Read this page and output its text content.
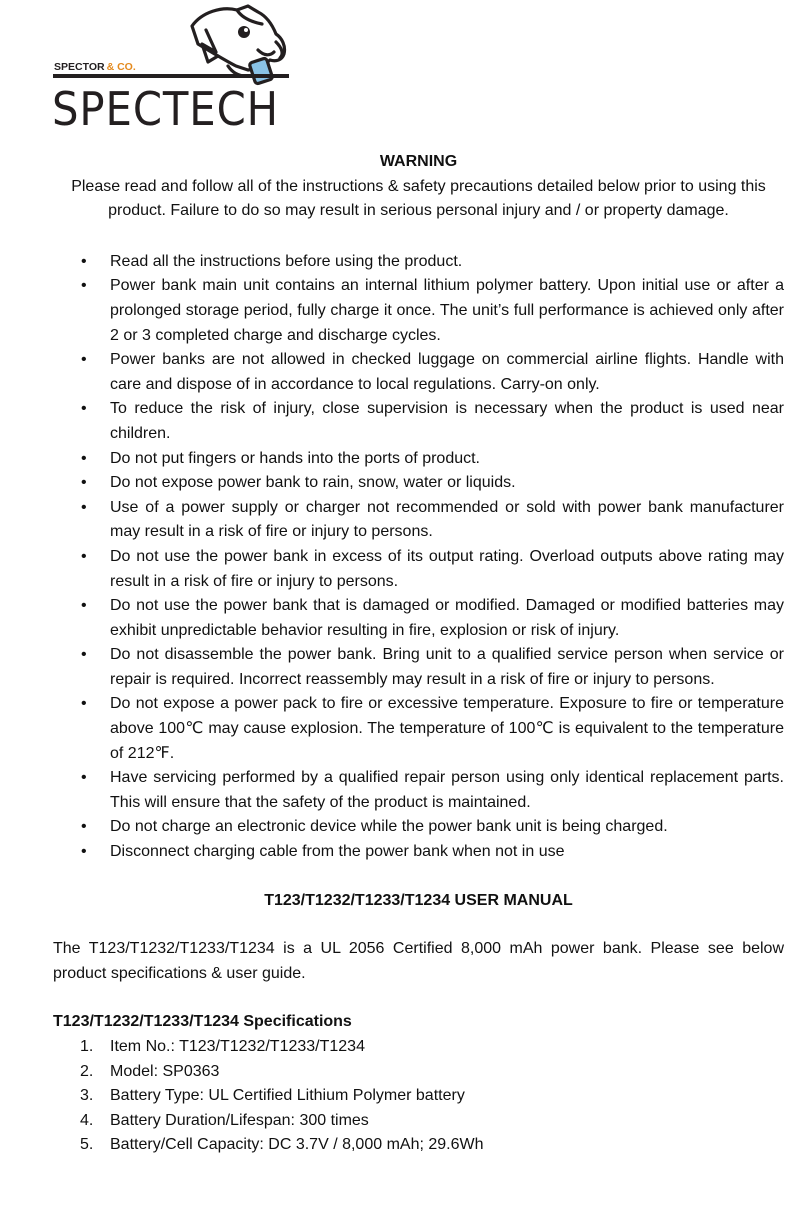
SPECTOR & CO.
SPECTECH

WARNING

Please read and follow all of the instructions & safety precautions detailed below prior to using this product. Failure to do so may result in serious personal injury and / or property damage.

• Read all the instructions before using the product.
• Power bank main unit contains an internal lithium polymer battery. Upon initial use or after a prolonged storage period, fully charge it once. The unit’s full performance is achieved only after 2 or 3 completed charge and discharge cycles.
• Power banks are not allowed in checked luggage on commercial airline flights. Handle with care and dispose of in accordance to local regulations. Carry-on only.
• To reduce the risk of injury, close supervision is necessary when the product is used near children.
• Do not put fingers or hands into the ports of product.
• Do not expose power bank to rain, snow, water or liquids.
• Use of a power supply or charger not recommended or sold with power bank manufacturer may result in a risk of fire or injury to persons.
• Do not use the power bank in excess of its output rating. Overload outputs above rating may result in a risk of fire or injury to persons.
• Do not use the power bank that is damaged or modified. Damaged or modified batteries may exhibit unpredictable behavior resulting in fire, explosion or risk of injury.
• Do not disassemble the power bank. Bring unit to a qualified service person when service or repair is required. Incorrect reassembly may result in a risk of fire or injury to persons.
• Do not expose a power pack to fire or excessive temperature. Exposure to fire or temperature above 100℃ may cause explosion. The temperature of 100℃ is equivalent to the temperature of 212℉.
• Have servicing performed by a qualified repair person using only identical replacement parts. This will ensure that the safety of the product is maintained.
• Do not charge an electronic device while the power bank unit is being charged.
• Disconnect charging cable from the power bank when not in use

T123/T1232/T1233/T1234 USER MANUAL

The T123/T1232/T1233/T1234 is a UL 2056 Certified 8,000 mAh power bank. Please see below product specifications & user guide.

T123/T1232/T1233/T1234 Specifications

1. Item No.: T123/T1232/T1233/T1234
2. Model: SP0363
3. Battery Type: UL Certified Lithium Polymer battery
4. Battery Duration/Lifespan: 300 times
5. Battery/Cell Capacity: DC 3.7V / 8,000 mAh; 29.6Wh
